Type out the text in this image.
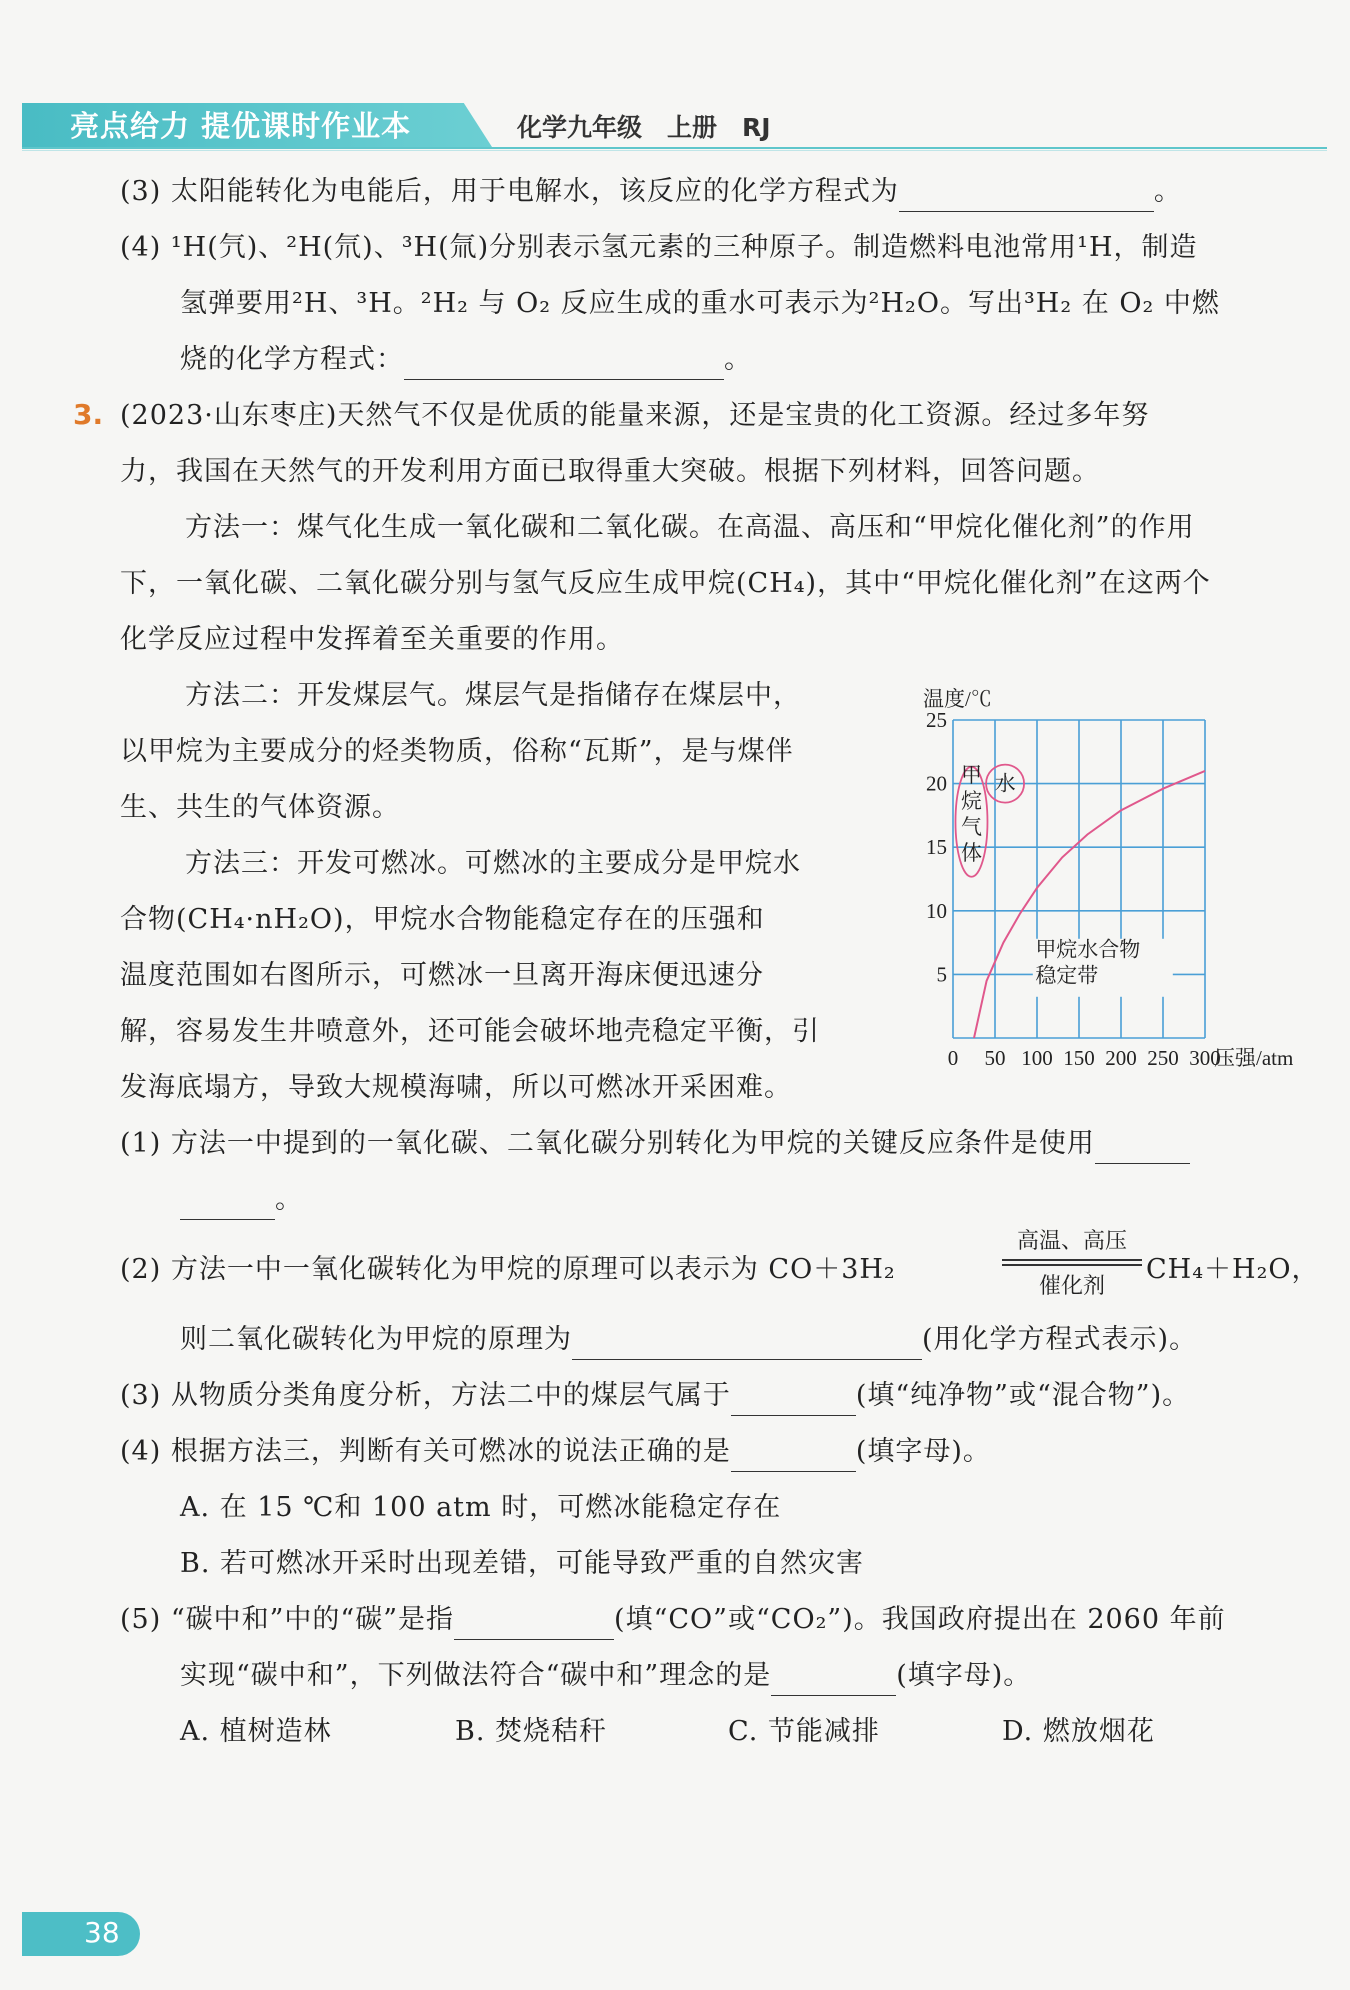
亮点给力 提优课时作业本	化学九年级　上册　RJ
(3) 太阳能转化为电能后，用于电解水，该反应的化学方程式为	。
(4) ¹H(氕)、²H(氘)、³H(氚)分别表示氢元素的三种原子。制造燃料电池常用¹H，制造
氢弹要用²H、³H。²H₂ 与 O₂ 反应生成的重水可表示为²H₂O。写出³H₂ 在 O₂ 中燃
烧的化学方程式：	。
3. (2023·山东枣庄)天然气不仅是优质的能量来源，还是宝贵的化工资源。经过多年努
力，我国在天然气的开发利用方面已取得重大突破。根据下列材料，回答问题。
方法一：煤气化生成一氧化碳和二氧化碳。在高温、高压和“甲烷化催化剂”的作用
下，一氧化碳、二氧化碳分别与氢气反应生成甲烷(CH₄)，其中“甲烷化催化剂”在这两个
化学反应过程中发挥着至关重要的作用。
方法二：开发煤层气。煤层气是指储存在煤层中，
以甲烷为主要成分的烃类物质，俗称“瓦斯”，是与煤伴
生、共生的气体资源。
方法三：开发可燃冰。可燃冰的主要成分是甲烷水
合物(CH₄·nH₂O)，甲烷水合物能稳定存在的压强和
温度范围如右图所示，可燃冰一旦离开海床便迅速分
解，容易发生井喷意外，还可能会破坏地壳稳定平衡，引
发海底塌方，导致大规模海啸，所以可燃冰开采困难。
温度/℃
5
10
15
20
25
0 50 100 150 200 250 300
压强/atm
甲
烷
气
体
水
甲烷水合物
稳定带
(1) 方法一中提到的一氧化碳、二氧化碳分别转化为甲烷的关键反应条件是使用
。
(2) 方法一中一氧化碳转化为甲烷的原理可以表示为 CO＋3H₂
高温、高压
催化剂
CH₄＋H₂O，
则二氧化碳转化为甲烷的原理为	(用化学方程式表示)。
(3) 从物质分类角度分析，方法二中的煤层气属于	(填“纯净物”或“混合物”)。
(4) 根据方法三，判断有关可燃冰的说法正确的是	(填字母)。
A. 在 15 ℃和 100 atm 时，可燃冰能稳定存在
B. 若可燃冰开采时出现差错，可能导致严重的自然灾害
(5) “碳中和”中的“碳”是指	(填“CO”或“CO₂”)。我国政府提出在 2060 年前
实现“碳中和”，下列做法符合“碳中和”理念的是	(填字母)。
A. 植树造林	B. 焚烧秸秆	C. 节能减排	D. 燃放烟花
38
